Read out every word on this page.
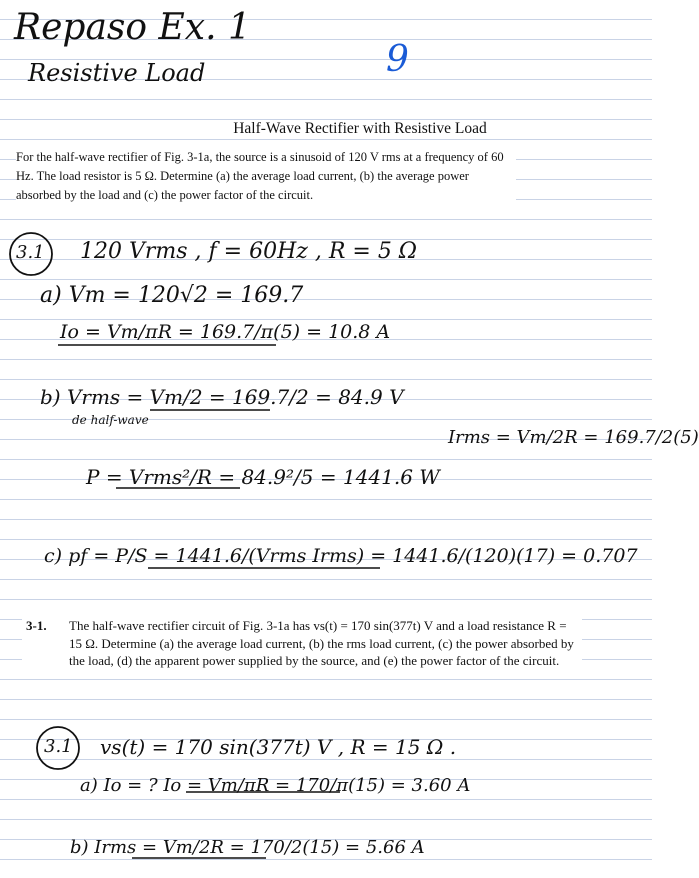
Repaso Ex. 1

Resistive Load	9

Half-Wave Rectifier with Resistive Load
For the half-wave rectifier of Fig. 3-1a, the source is a sinusoid of 120 V rms at a frequency of 60 Hz. The load resistor is 5 Ω. Determine (a) the average load current, (b) the average power absorbed by the load and (c) the power factor of the circuit.

3.1 120 Vrms , f = 60Hz , R = 5 Ω

a) Vm = 120√2 = 169.7

Io = Vm/πR = 169.7/π(5) = 10.8 A

b) Vrms = Vm/2 = 169.7/2 = 84.9 V

de half-wave

Irms = Vm/2R = 169.7/2(5)

P = Vrms²/R = 84.9²/5 = 1441.6 W

c) pf = P/S = 1441.6/(Vrms Irms) = 1441.6/(120)(17) = 0.707

3-1. The half-wave rectifier circuit of Fig. 3-1a has vs(t) = 170 sin(377t) V and a load resistance R = 15 Ω. Determine (a) the average load current, (b) the rms load current, (c) the power absorbed by the load, (d) the apparent power supplied by the source, and (e) the power factor of the circuit.

3.1 vs(t) = 170 sin(377t) V , R = 15 Ω .

a) Io = ? Io = Vm/πR = 170/π(15) = 3.60 A

b) Irms = Vm/2R = 170/2(15) = 5.66 A
